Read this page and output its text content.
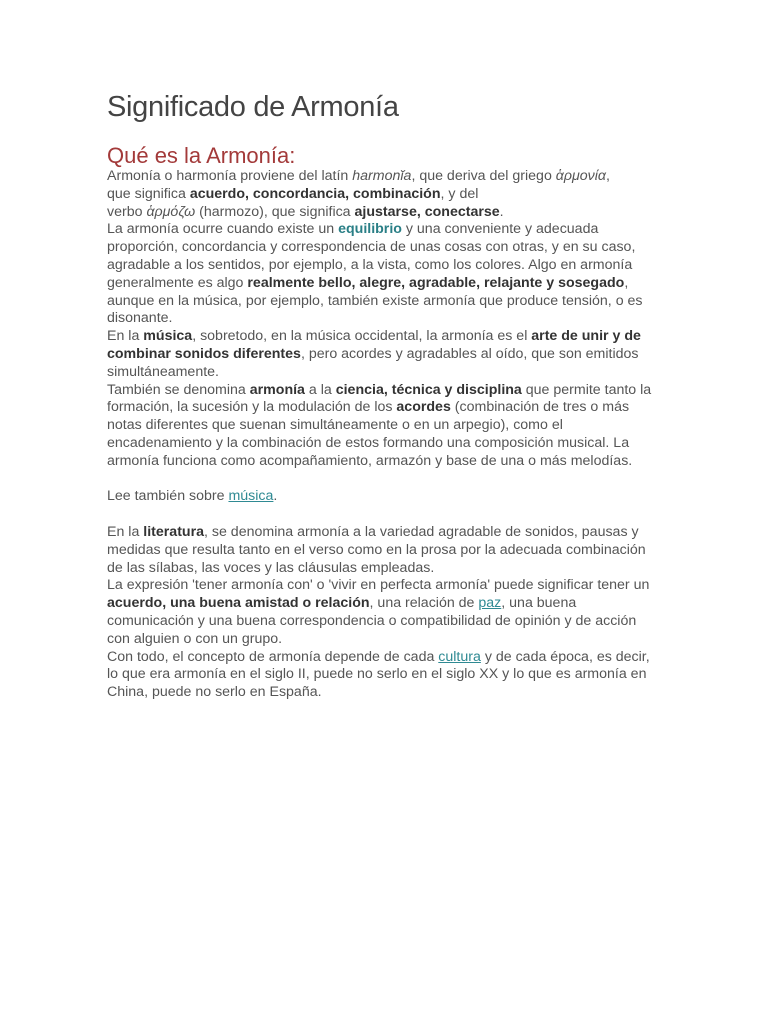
Significado de Armonía
Qué es la Armonía:

Armonía o harmonía proviene del latín harmonĭa, que deriva del griego ἁρμονία,
que significa acuerdo, concordancia, combinación, y del
verbo ἁρμόζω (harmozo), que significa ajustarse, conectarse.

La armonía ocurre cuando existe un equilibrio y una conveniente y adecuada proporción, concordancia y correspondencia de unas cosas con otras, y en su caso, agradable a los sentidos, por ejemplo, a la vista, como los colores. Algo en armonía generalmente es algo realmente bello, alegre, agradable, relajante y sosegado, aunque en la música, por ejemplo, también existe armonía que produce tensión, o es disonante.

En la música, sobretodo, en la música occidental, la armonía es el arte de unir y de combinar sonidos diferentes, pero acordes y agradables al oído, que son emitidos simultáneamente.

También se denomina armonía a la ciencia, técnica y disciplina que permite tanto la formación, la sucesión y la modulación de los acordes (combinación de tres o más notas diferentes que suenan simultáneamente o en un arpegio), como el encadenamiento y la combinación de estos formando una composición musical. La armonía funciona como acompañamiento, armazón y base de una o más melodías.

Lee también sobre música.

En la literatura, se denomina armonía a la variedad agradable de sonidos, pausas y medidas que resulta tanto en el verso como en la prosa por la adecuada combinación de las sílabas, las voces y las cláusulas empleadas.

La expresión 'tener armonía con' o 'vivir en perfecta armonía' puede significar tener un acuerdo, una buena amistad o relación, una relación de paz, una buena comunicación y una buena correspondencia o compatibilidad de opinión y de acción con alguien o con un grupo.

Con todo, el concepto de armonía depende de cada cultura y de cada época, es decir, lo que era armonía en el siglo II, puede no serlo en el siglo XX y lo que es armonía en China, puede no serlo en España.
